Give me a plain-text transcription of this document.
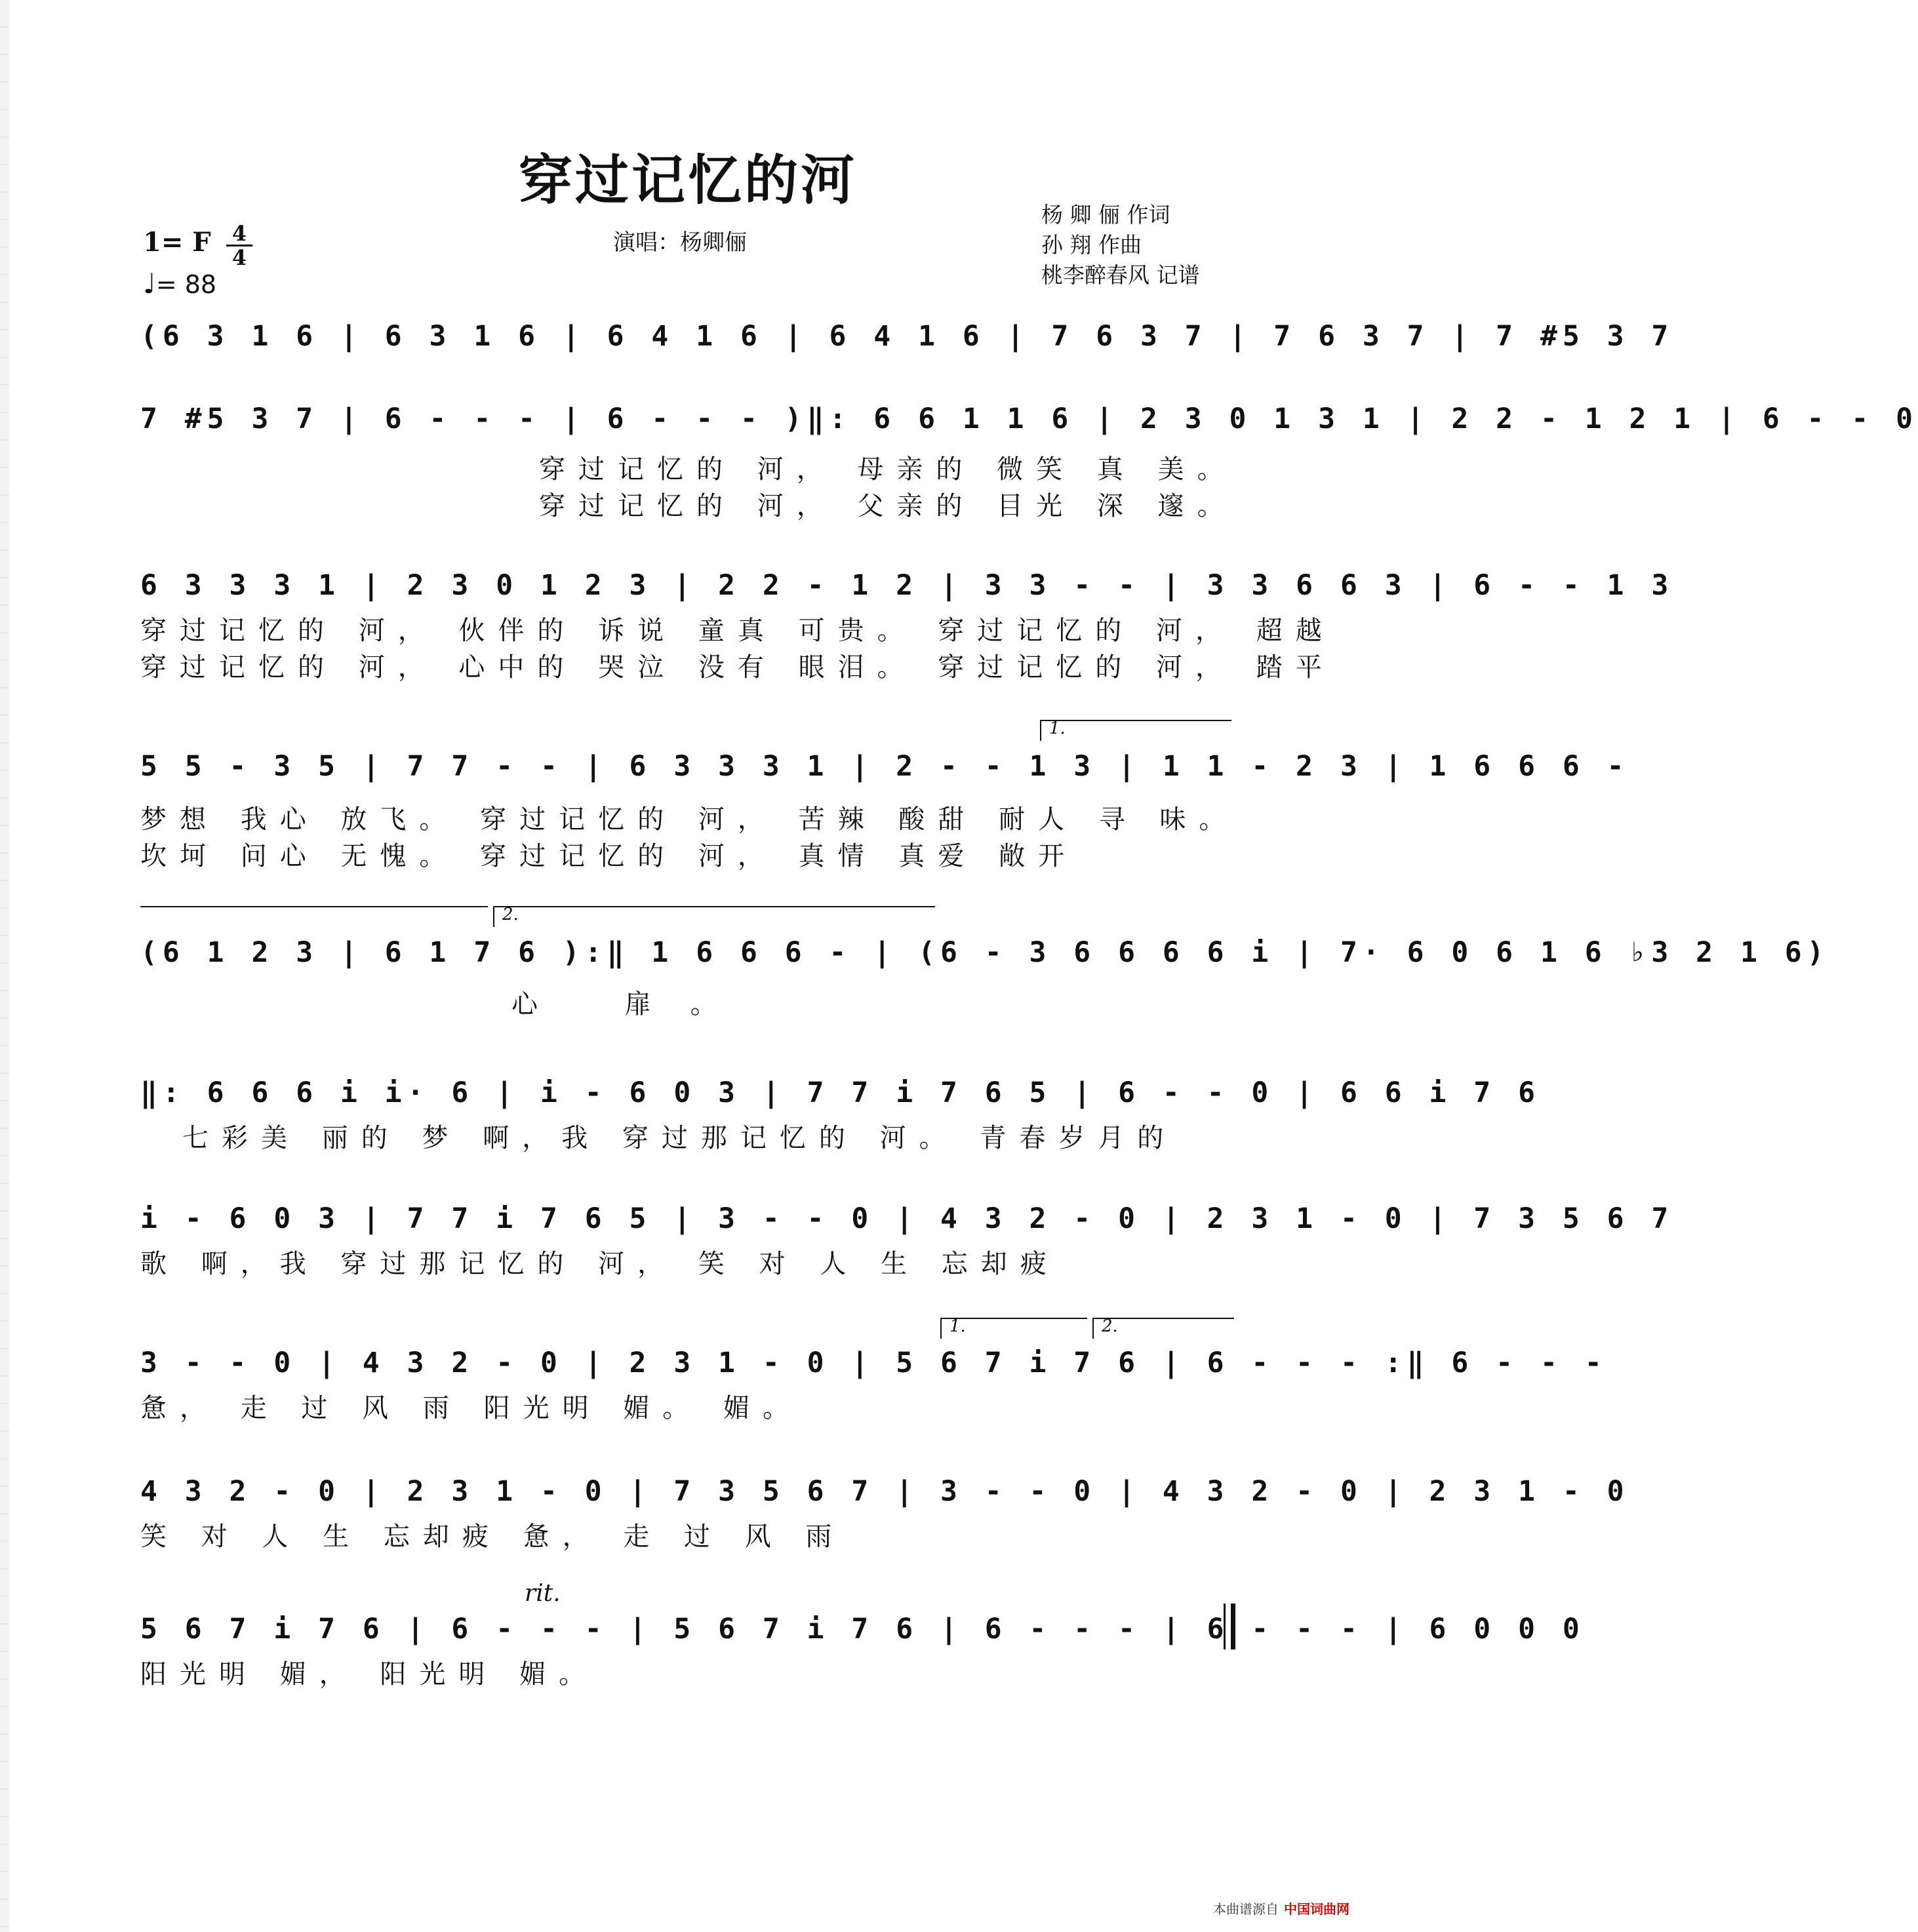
穿过记忆的河
演唱：杨卿俪
杨 卿 俪 作词
孙 翔 作曲
桃李醉春风 记谱
1= F 4
4
♩= 88
(6 3 1 6 | 6 3 1 6 | 6 4 1 6 | 6 4 1 6 | 7 6 3 7 | 7 6 3 7 | 7 #5 3 7
7 #5 3 7 | 6 - - - | 6 - - - )‖: 6 6 1 1 6 | 2 3 0 1 3 1 | 2 2 - 1 2 1 | 6 - - 0
穿过记忆的 河， 母亲的 微笑 真 美。
穿过记忆的 河， 父亲的 目光 深 邃。
6 3 3 3 1 | 2 3 0 1 2 3 | 2 2 - 1 2 | 3 3 - - | 3 3 6 6 3 | 6 - - 1 3
穿过记忆的 河， 伙伴的 诉说 童真 可贵。 穿过记忆的 河， 超越
穿过记忆的 河， 心中的 哭泣 没有 眼泪。 穿过记忆的 河， 踏平
1.
5 5 - 3 5 | 7 7 - - | 6 3 3 3 1 | 2 - - 1 3 | 1 1 - 2 3 | 1 6 6 6 -
梦想 我心 放飞。 穿过记忆的 河， 苦辣 酸甜 耐人 寻 味。
坎坷 问心 无愧。 穿过记忆的 河， 真情 真爱 敞开
2.
(6 1 2 3 | 6 1 7 6 ):‖ 1 6 6 6 - | (6 - 3 6 6 6 6 i | 7· 6 0 6 1 6 ♭3 2 1 6)
心 扉。
‖: 6 6 6 i i· 6 | i - 6 0 3 | 7 7 i 7 6 5 | 6 - - 0 | 6 6 i 7 6
七彩美 丽的 梦 啊，我 穿过那记忆的 河。 青春岁月的
i - 6 0 3 | 7 7 i 7 6 5 | 3 - - 0 | 4 3 2 - 0 | 2 3 1 - 0 | 7 3 5 6 7
歌 啊，我 穿过那记忆的 河， 笑 对 人 生 忘却疲
1.	2.
3 - - 0 | 4 3 2 - 0 | 2 3 1 - 0 | 5 6 7 i 7 6 | 6 - - - :‖ 6 - - -
惫， 走 过 风 雨 阳光明 媚。 媚。
4 3 2 - 0 | 2 3 1 - 0 | 7 3 5 6 7 | 3 - - 0 | 4 3 2 - 0 | 2 3 1 - 0
笑 对 人 生 忘却疲 惫， 走 过 风 雨
rit.
5 6 7 i 7 6 | 6 - - - | 5 6 7 i 7 6 | 6 - - - | 6 - - - | 6 0 0 0
阳光明 媚， 阳光明 媚。
本曲谱源自 中国词曲网
